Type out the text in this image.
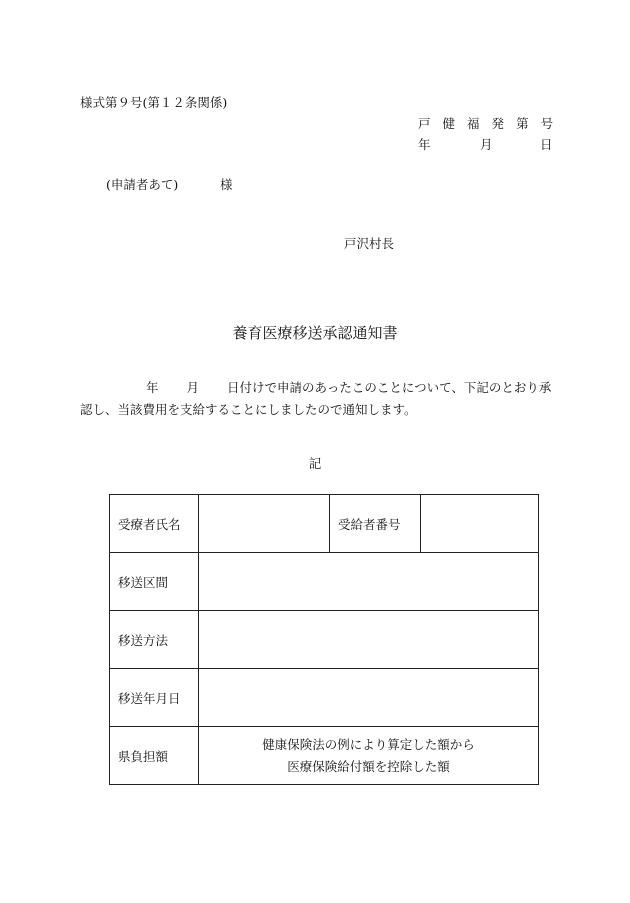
様式第９号(第１２条関係)
戸 健 福 発 第 号
年	月	日
(申請者あて)	様
戸沢村長
養育医療移送承認通知書
年 月 日付けで申請のあったこのことについて、下記のとおり承認し、当該費用を支給することにしましたので通知します。
記
受療者氏名		受給者番号	
移送区間			
移送方法			
移送年月日			
県負担額	健康保険法の例により算定した額から
医療保険給付額を控除した額		
